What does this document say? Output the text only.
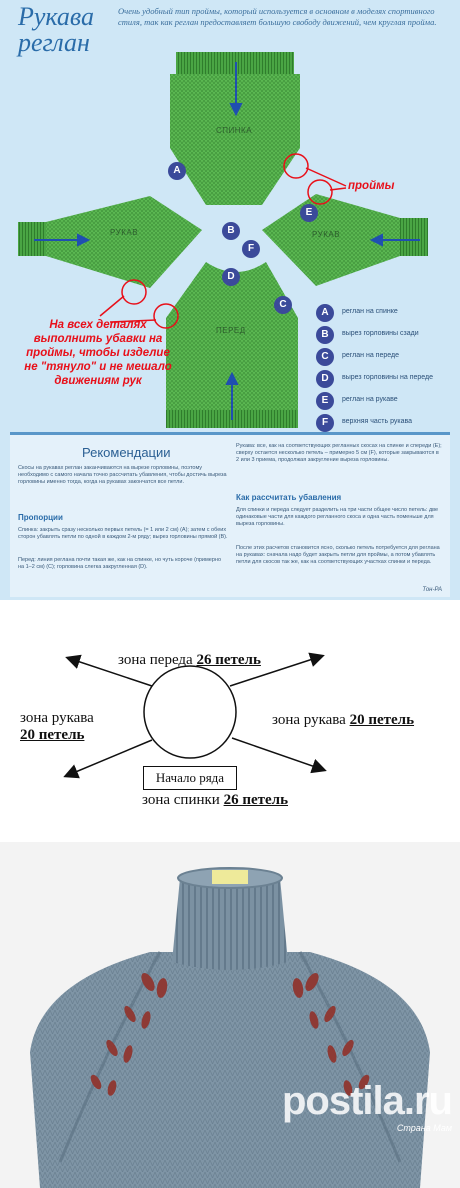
Рукава
реглан
Очень удобный тип проймы, который используется в основном в моделях спортивного стиля, так как реглан предоставляет большую свободу движений, чем круглая пройма.
СПИНКА
ПЕРЕД
РУКАВ	РУКАВ
A
B
C
D
E
F
A	реглан на спинке
B	вырез горловины сзади
C	реглан на переде
D	вырез горловины на переде
E	реглан на рукаве
F	верхняя часть рукава
проймы
На всех деталях выполнить убавки на проймы, чтобы изделие не "тянуло" и не мешало движениям рук
Рекомендации
Скосы на рукавах реглан заканчиваются на вырезе горловины, поэтому необходимо с самого начала точно рассчитать убавления, чтобы достичь выреза горловины именно тогда, когда на рукавах закончатся все петли.
Пропорции
Спинка: закрыть сразу несколько первых петель (= 1 или 2 см) (А); затем с обеих сторон убавлять петли по одной в каждом 2-м ряду; вырез горловины прямой (В).
Перед: линия реглана почти такая же, как на спинке, но чуть короче (примерно на 1–2 см) (С); горловина слегка закругленная (D).
Рукава: все, как на соответствующих регланных скосах на спинке и спереди (Е); сверху остается несколько петель – примерно 5 см (F), которые закрываются в 2 или 3 приема, продолжая закругление выреза горловины.
Как рассчитать убавления
Для спинки и переда следует разделить на три части общее число петель: две одинаковые части для каждого регланного скоса и одна часть поменьше для выреза горловины.
После этих расчетов становится ясно, сколько петель потребуется для реглана на рукавах: сначала надо будет закрыть петли для проймы, а потом убавлять петли для скосов так же, как на соответствующих участках спинки и переда.
Тон-РА
зона переда 26 петель
зона рукава
20 петель
зона рукава 20 петель
Начало ряда
зона спинки 26 петель
postila.ru
Страна Мам
